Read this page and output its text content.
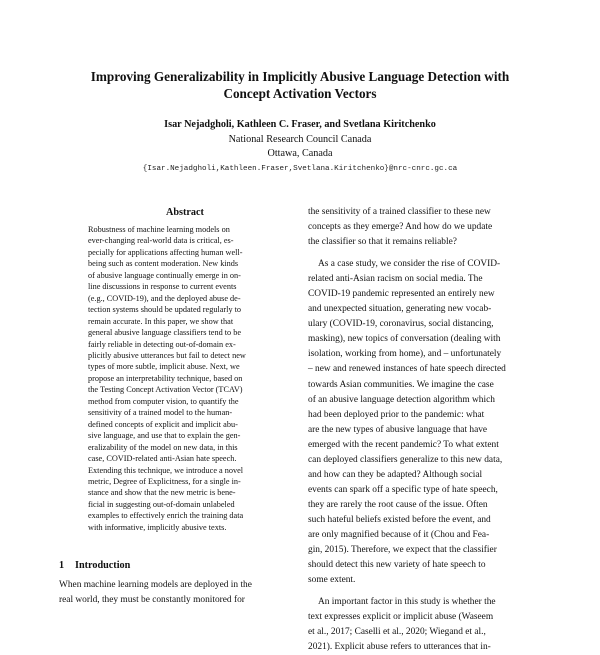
Improving Generalizability in Implicitly Abusive Language Detection with
Concept Activation Vectors
Isar Nejadgholi, Kathleen C. Fraser, and Svetlana Kiritchenko
National Research Council Canada
Ottawa, Canada
{Isar.Nejadgholi,Kathleen.Fraser,Svetlana.Kiritchenko}@nrc-cnrc.gc.ca
Abstract
Robustness of machine learning models on
ever-changing real-world data is critical, es-
pecially for applications affecting human well-
being such as content moderation. New kinds
of abusive language continually emerge in on-
line discussions in response to current events
(e.g., COVID-19), and the deployed abuse de-
tection systems should be updated regularly to
remain accurate. In this paper, we show that
general abusive language classifiers tend to be
fairly reliable in detecting out-of-domain ex-
plicitly abusive utterances but fail to detect new
types of more subtle, implicit abuse. Next, we
propose an interpretability technique, based on
the Testing Concept Activation Vector (TCAV)
method from computer vision, to quantify the
sensitivity of a trained model to the human-
defined concepts of explicit and implicit abu-
sive language, and use that to explain the gen-
eralizability of the model on new data, in this
case, COVID-related anti-Asian hate speech.
Extending this technique, we introduce a novel
metric, Degree of Explicitness, for a single in-
stance and show that the new metric is bene-
ficial in suggesting out-of-domain unlabeled
examples to effectively enrich the training data
with informative, implicitly abusive texts.
1 Introduction
When machine learning models are deployed in the
real world, they must be constantly monitored for

the sensitivity of a trained classifier to these new
concepts as they emerge? And how do we update
the classifier so that it remains reliable?

As a case study, we consider the rise of COVID-
related anti-Asian racism on social media. The
COVID-19 pandemic represented an entirely new
and unexpected situation, generating new vocab-
ulary (COVID-19, coronavirus, social distancing,
masking), new topics of conversation (dealing with
isolation, working from home), and – unfortunately
– new and renewed instances of hate speech directed
towards Asian communities. We imagine the case
of an abusive language detection algorithm which
had been deployed prior to the pandemic: what
are the new types of abusive language that have
emerged with the recent pandemic? To what extent
can deployed classifiers generalize to this new data,
and how can they be adapted? Although social
events can spark off a specific type of hate speech,
they are rarely the root cause of the issue. Often
such hateful beliefs existed before the event, and
are only magnified because of it (Chou and Fea-
gin, 2015). Therefore, we expect that the classifier
should detect this new variety of hate speech to
some extent.

An important factor in this study is whether the
text expresses explicit or implicit abuse (Waseem
et al., 2017; Caselli et al., 2020; Wiegand et al.,
2021). Explicit abuse refers to utterances that in-
